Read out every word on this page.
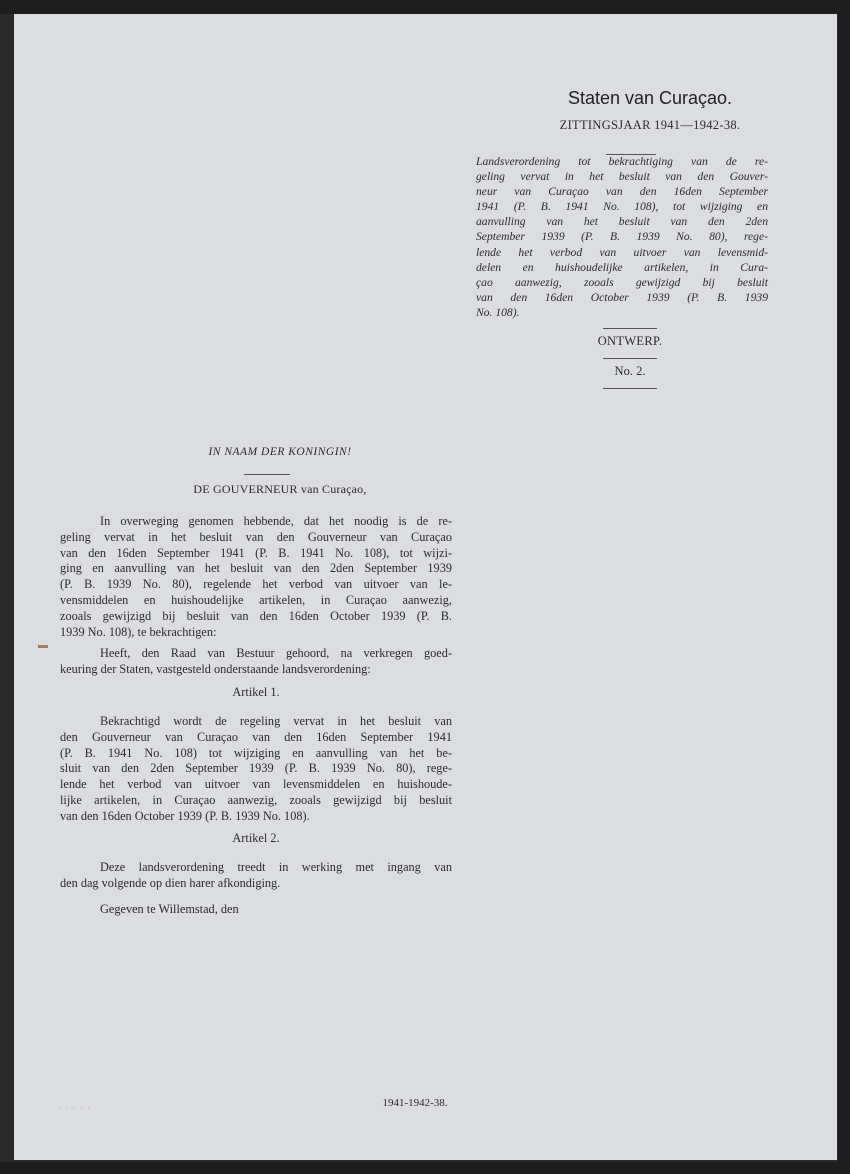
Staten van Curaçao.
ZITTINGSJAAR 1941—1942-38.
Landsverordening tot bekrachtiging van de re-
geling vervat in het besluit van den Gouver-
neur van Curaçao van den 16den September
1941 (P. B. 1941 No. 108), tot wijziging en
aanvulling van het besluit van den 2den
September 1939 (P. B. 1939 No. 80), rege-
lende het verbod van uitvoer van levensmid-
delen en huishoudelijke artikelen, in Cura-
çao aanwezig, zooals gewijzigd bij besluit
van den 16den October 1939 (P. B. 1939
No. 108).
ONTWERP.
No. 2.
IN NAAM DER KONINGIN!
DE GOUVERNEUR van Curaçao,
In overweging genomen hebbende, dat het noodig is de re-
geling vervat in het besluit van den Gouverneur van Curaçao
van den 16den September 1941 (P. B. 1941 No. 108), tot wijzi-
ging en aanvulling van het besluit van den 2den September 1939
(P. B. 1939 No. 80), regelende het verbod van uitvoer van le-
vensmiddelen en huishoudelijke artikelen, in Curaçao aanwezig,
zooals gewijzigd bij besluit van den 16den October 1939 (P. B.
1939 No. 108), te bekrachtigen:
Heeft, den Raad van Bestuur gehoord, na verkregen goed-
keuring der Staten, vastgesteld onderstaande landsverordening:
Artikel 1.
Bekrachtigd wordt de regeling vervat in het besluit van
den Gouverneur van Curaçao van den 16den September 1941
(P. B. 1941 No. 108) tot wijziging en aanvulling van het be-
sluit van den 2den September 1939 (P. B. 1939 No. 80), rege-
lende het verbod van uitvoer van levensmiddelen en huishoude-
lijke artikelen, in Curaçao aanwezig, zooals gewijzigd bij besluit
van den 16den October 1939 (P. B. 1939 No. 108).
Artikel 2.
Deze landsverordening treedt in werking met ingang van
den dag volgende op dien harer afkondiging.
Gegeven te Willemstad, den
· · · · ·	1941-1942-38.
